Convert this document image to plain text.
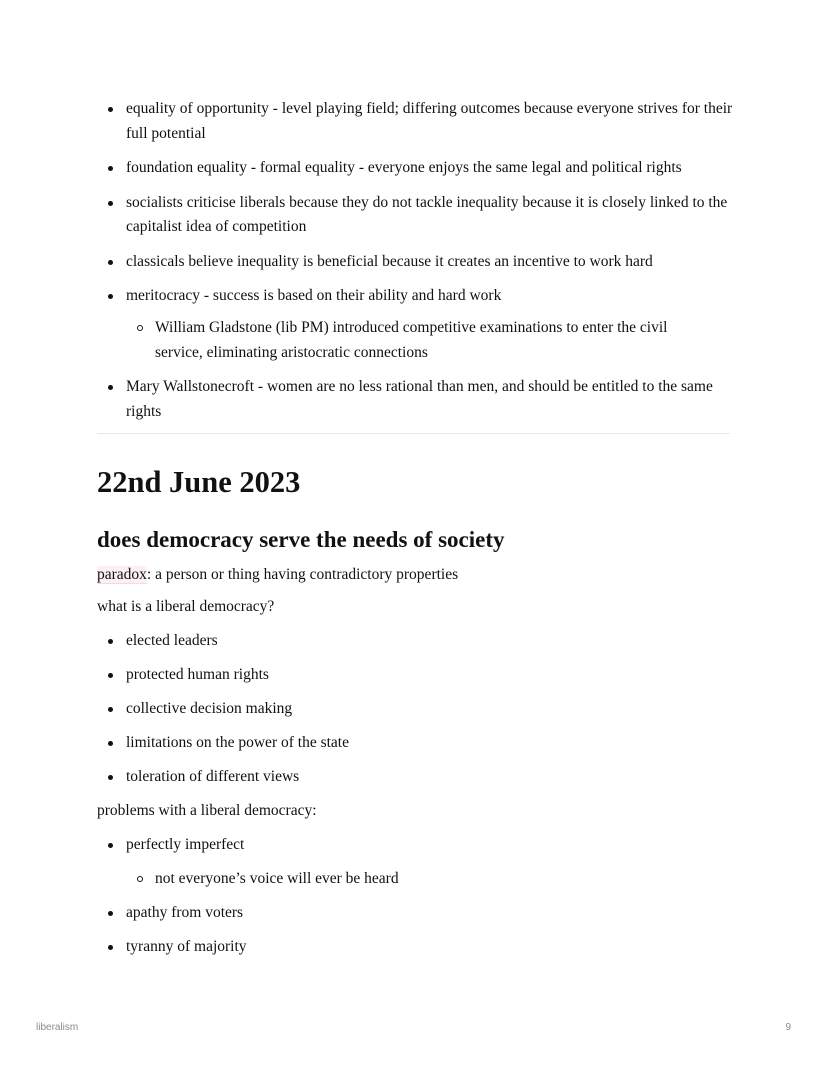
equality of opportunity - level playing field; differing outcomes because everyone strives for their full potential
foundation equality - formal equality - everyone enjoys the same legal and political rights
socialists criticise liberals because they do not tackle inequality because it is closely linked to the capitalist idea of competition
classicals believe inequality is beneficial because it creates an incentive to work hard
meritocracy - success is based on their ability and hard work
William Gladstone (lib PM) introduced competitive examinations to enter the civil service, eliminating aristocratic connections
Mary Wallstonecroft - women are no less rational than men, and should be entitled to the same rights
22nd June 2023
does democracy serve the needs of society

paradox: a person or thing having contradictory properties

what is a liberal democracy?

elected leaders
protected human rights
collective decision making
limitations on the power of the state
toleration of different views
perfectly imperfect
not everyone’s voice will ever be heard
apathy from voters
tyranny of majority

problems with a liberal democracy:

liberalism	9
